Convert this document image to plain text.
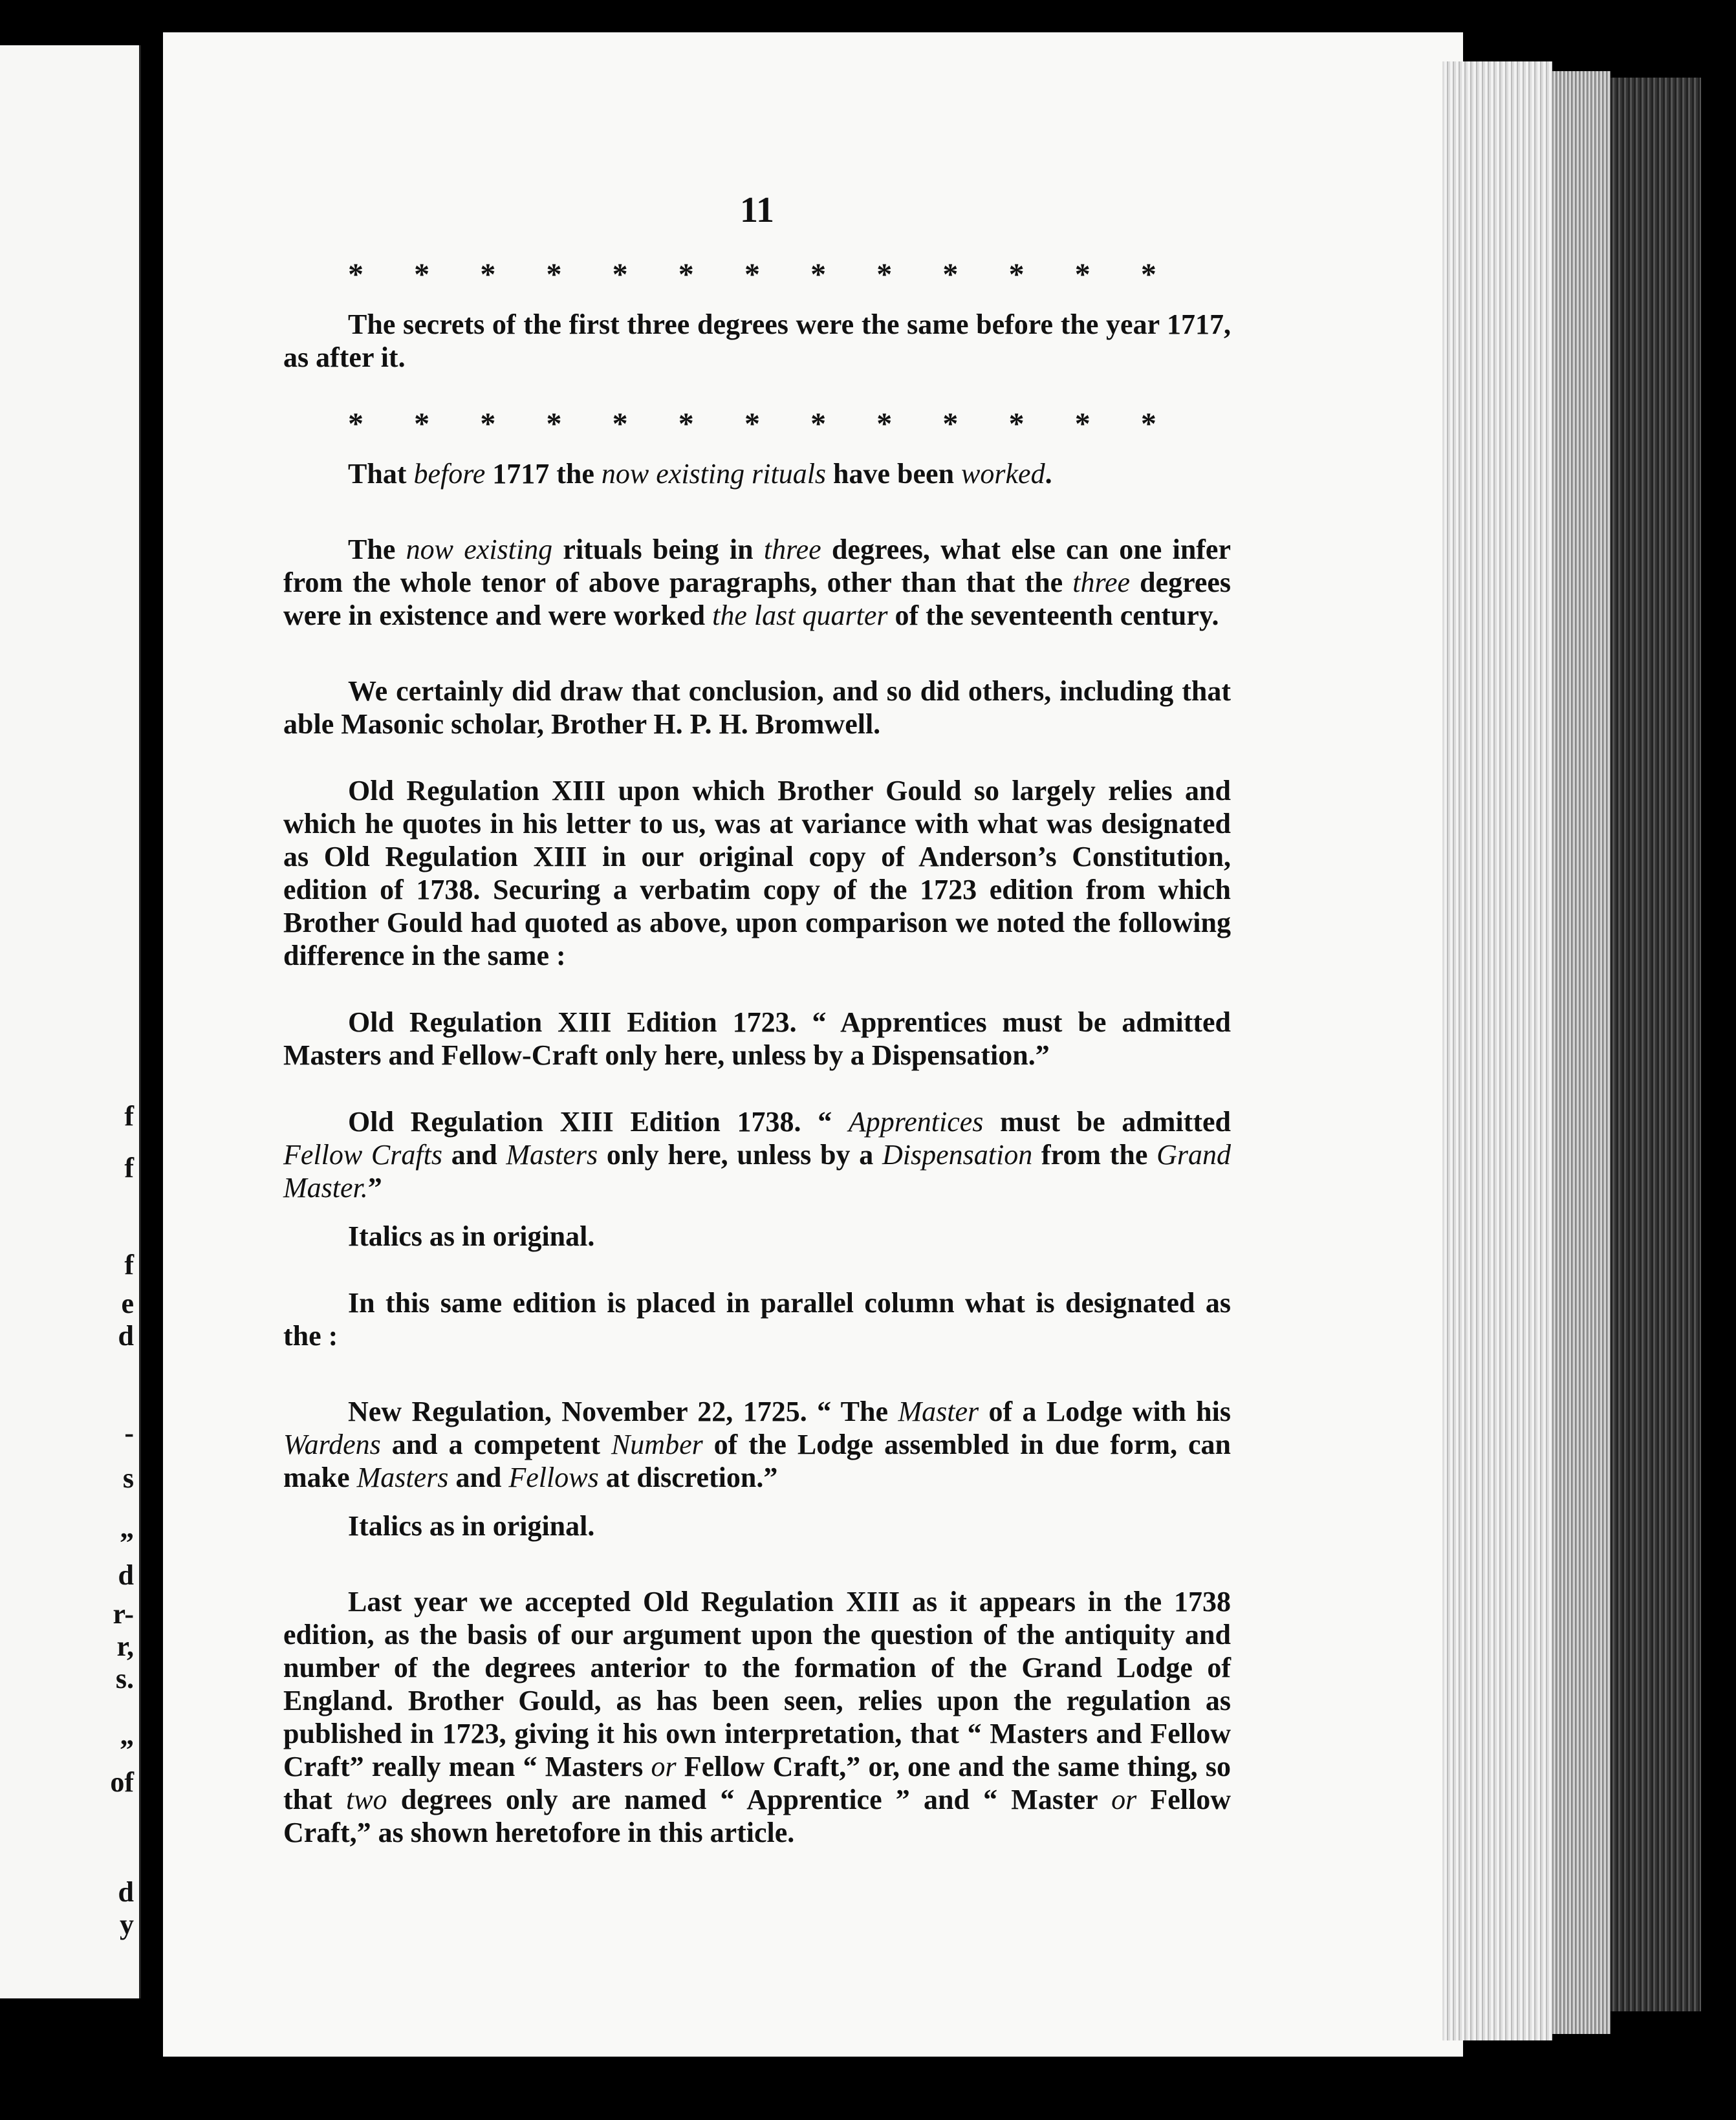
f
f
f
e
d
-
s
”
d
r-
r,
s.
”
of
d
y
11
* * * * * * * * * * * * *

The secrets of the first three degrees were the same before the year 1717, as after it.

* * * * * * * * * * * * *

That before 1717 the now existing rituals have been worked.

The now existing rituals being in three degrees, what else can one infer from the whole tenor of above paragraphs, other than that the three degrees were in existence and were worked the last quarter of the seventeenth century.

We certainly did draw that conclusion, and so did others, including that able Masonic scholar, Brother H. P. H. Bromwell.

Old Regulation XIII upon which Brother Gould so largely relies and which he quotes in his letter to us, was at variance with what was designated as Old Regulation XIII in our original copy of Anderson’s Constitution, edition of 1738. Securing a verbatim copy of the 1723 edition from which Brother Gould had quoted as above, upon comparison we noted the following difference in the same :

Old Regulation XIII Edition 1723. “ Apprentices must be admitted Masters and Fellow-Craft only here, unless by a Dispensation.”

Old Regulation XIII Edition 1738. “ Apprentices must be admitted Fellow Crafts and Masters only here, unless by a Dispensation from the Grand Master.”

Italics as in original.

In this same edition is placed in parallel column what is designated as the :

New Regulation, November 22, 1725. “ The Master of a Lodge with his Wardens and a competent Number of the Lodge assembled in due form, can make Masters and Fellows at discretion.”

Italics as in original.

Last year we accepted Old Regulation XIII as it appears in the 1738 edition, as the basis of our argument upon the question of the antiquity and number of the degrees anterior to the formation of the Grand Lodge of England. Brother Gould, as has been seen, relies upon the regulation as published in 1723, giving it his own interpretation, that “ Masters and Fellow Craft” really mean “ Masters or Fellow Craft,” or, one and the same thing, so that two degrees only are named “ Apprentice ” and “ Master or Fellow Craft,” as shown heretofore in this article.
